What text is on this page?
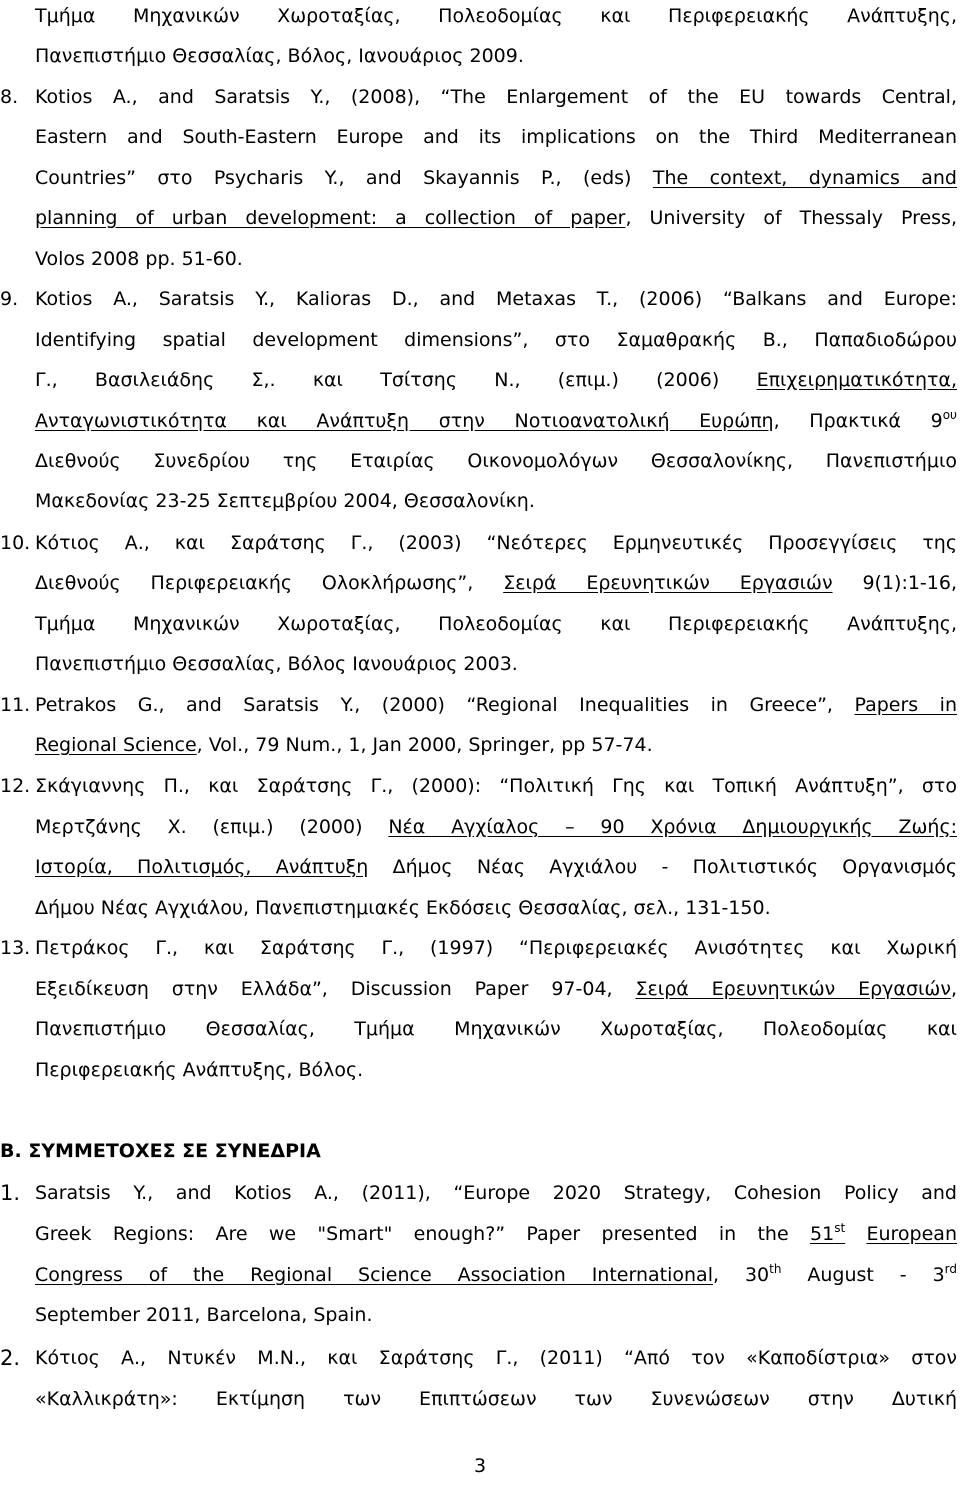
Τμήμα Μηχανικών Χωροταξίας, Πολεοδομίας και Περιφερειακής Ανάπτυξης,
Πανεπιστήμιο Θεσσαλίας, Βόλος, Ιανουάριος 2009.
8. Kotios A., and Saratsis Y., (2008), “The Enlargement of the EU towards Central,
Eastern and South-Eastern Europe and its implications on the Third Mediterranean
Countries” στο Psycharis Y., and Skayannis P., (eds) The context, dynamics and
planning of urban development: a collection of paper, University of Thessaly Press,
Volos 2008 pp. 51-60.
9. Kotios A., Saratsis Y., Kalioras D., and Metaxas T., (2006) “Balkans and Europe:
Identifying spatial development dimensions”, στο Σαμαθρακής Β., Παπαδιοδώρου
Γ., Βασιλειάδης Σ,. και Τσίτσης Ν., (επιμ.) (2006) Επιχειρηματικότητα,
Ανταγωνιστικότητα και Ανάπτυξη στην Νοτιοανατολική Ευρώπη, Πρακτικά $9^{o\upsilon}$
Διεθνούς Συνεδρίου της Εταιρίας Οικονομολόγων Θεσσαλονίκης, Πανεπιστήμιο
Μακεδονίας 23-25 Σεπτεμβρίου 2004, Θεσσαλονίκη.
10. Κότιος Α., και Σαράτσης Γ., (2003) “Νεότερες Ερμηνευτικές Προσεγγίσεις της
Διεθνούς Περιφερειακής Ολοκλήρωσης”, Σειρά Ερευνητικών Εργασιών 9(1):1-16,
Τμήμα Μηχανικών Χωροταξίας, Πολεοδομίας και Περιφερειακής Ανάπτυξης,
Πανεπιστήμιο Θεσσαλίας, Βόλος Ιανουάριος 2003.
11. Petrakos G., and Saratsis Y., (2000) “Regional Inequalities in Greece”, Papers in
Regional Science, Vol., 79 Num., 1, Jan 2000, Springer, pp 57-74.
12. Σκάγιαννης Π., και Σαράτσης Γ., (2000): “Πολιτική Γης και Τοπική Ανάπτυξη”, στο
Μερτζάνης Χ. (επιμ.) (2000) Νέα Αγχίαλος – 90 Χρόνια Δημιουργικής Ζωής:
Ιστορία, Πολιτισμός, Ανάπτυξη Δήμος Νέας Αγχιάλου - Πολιτιστικός Οργανισμός
Δήμου Νέας Αγχιάλου, Πανεπιστημιακές Εκδόσεις Θεσσαλίας, σελ., 131-150.
13. Πετράκος Γ., και Σαράτσης Γ., (1997) “Περιφερειακές Ανισότητες και Χωρική
Εξειδίκευση στην Ελλάδα”, Discussion Paper 97-04, Σειρά Ερευνητικών Εργασιών,
Πανεπιστήμιο Θεσσαλίας, Τμήμα Μηχανικών Χωροταξίας, Πολεοδομίας και
Περιφερειακής Ανάπτυξης, Βόλος.
Β. ΣΥΜΜΕΤΟΧΕΣ ΣΕ ΣΥΝΕΔΡΙΑ
1. Saratsis Y., and Kotios A., (2011), “Europe 2020 Strategy, Cohesion Policy and
Greek Regions: Are we "Smart" enough?” Paper presented in the 51st European
Congress of the Regional Science Association International, 30th August - 3rd
September 2011, Barcelona, Spain.
2. Κότιος Α., Ντυκέν Μ.Ν., και Σαράτσης Γ., (2011) “Από τον «Καποδίστρια» στον
«Καλλικράτη»: Εκτίμηση των Επιπτώσεων των Συνενώσεων στην Δυτική
3
